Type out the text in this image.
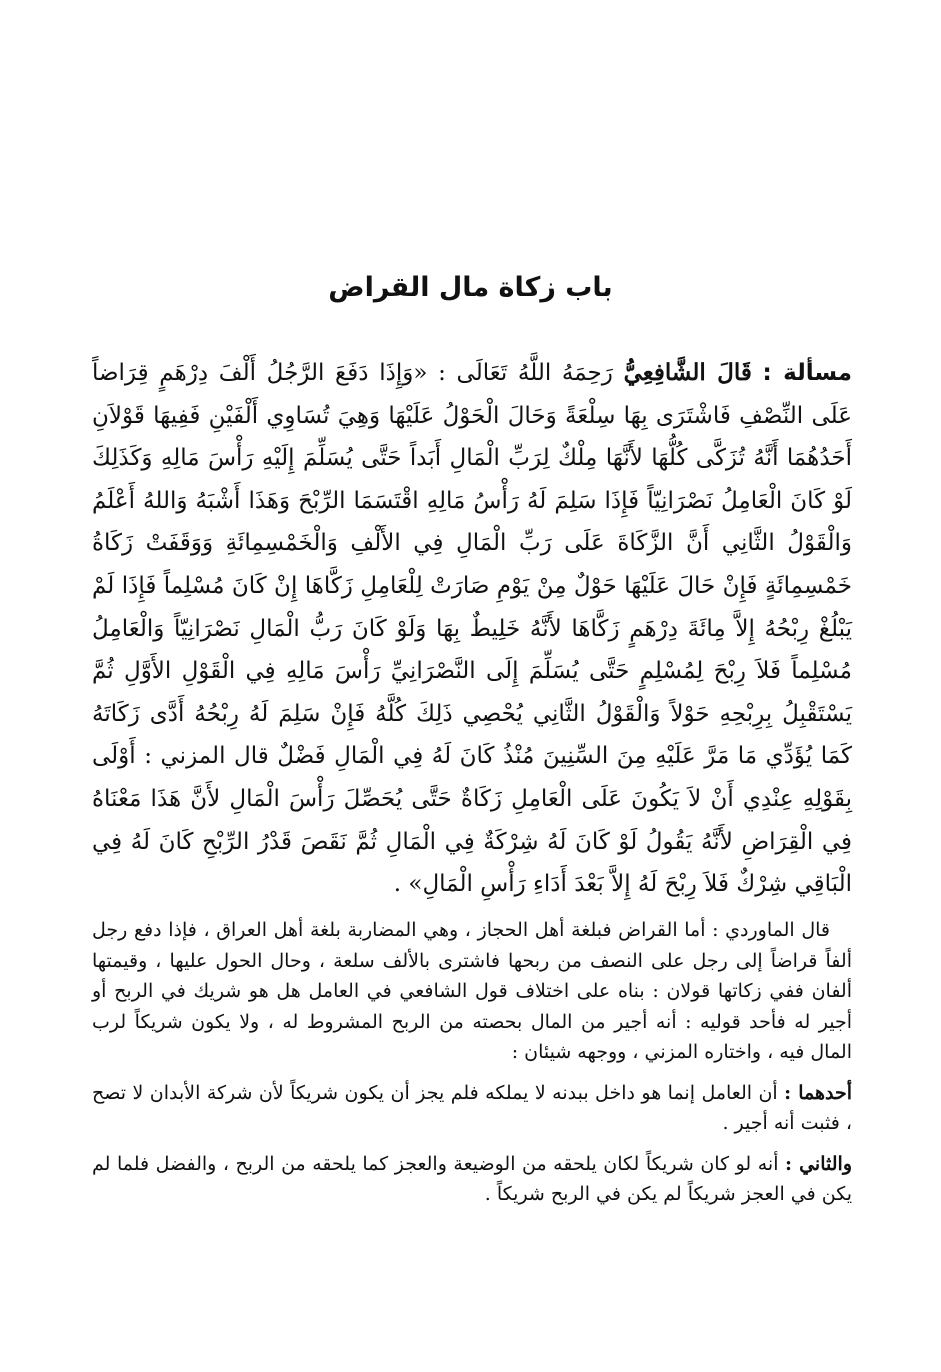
باب زكاة مال القراض
مسألة : قَالَ الشَّافِعِيُّ رَحِمَهُ اللَّهُ تَعَالَى : «وَإِذَا دَفَعَ الرَّجُلُ أَلْفَ دِرْهَمٍ قِرَاضاً عَلَى النِّصْفِ فَاشْتَرَى بِهَا سِلْعَةً وَحَالَ الْحَوْلُ عَلَيْهَا وَهِيَ تُسَاوِي أَلْفَيْنِ فَفِيهَا قَوْلاَنِ أَحَدُهُمَا أَنَّهُ تُزَكَّى كُلُّهَا لأَنَّهَا مِلْكٌ لِرَبِّ الْمَالِ أَبَداً حَتَّى يُسَلِّمَ إِلَيْهِ رَأْسَ مَالِهِ وَكَذَلِكَ لَوْ كَانَ الْعَامِلُ نَصْرَانِيّاً فَإِذَا سَلِمَ لَهُ رَأْسُ مَالِهِ اقْتَسَمَا الرِّبْحَ وَهَذَا أَشْبَهُ وَاللهُ أَعْلَمُ وَالْقَوْلُ الثَّانِي أَنَّ الزَّكَاةَ عَلَى رَبِّ الْمَالِ فِي الأَلْفِ وَالْخَمْسِمِائَةِ وَوَقَفَتْ زَكَاةُ خَمْسِمِائَةٍ فَإِنْ حَالَ عَلَيْهَا حَوْلٌ مِنْ يَوْمِ صَارَتْ لِلْعَامِلِ زَكَّاهَا إِنْ كَانَ مُسْلِماً فَإِذَا لَمْ يَبْلُغْ رِبْحُهُ إِلاَّ مِائَةَ دِرْهَمٍ زَكَّاهَا لأَنَّهُ خَلِيطٌ بِهَا وَلَوْ كَانَ رَبُّ الْمَالِ نَصْرَانِيّاً وَالْعَامِلُ مُسْلِماً فَلاَ رِبْحَ لِمُسْلِمٍ حَتَّى يُسَلِّمَ إِلَى النَّصْرَانِيِّ رَأْسَ مَالِهِ فِي الْقَوْلِ الأَوَّلِ ثُمَّ يَسْتَقْبِلُ بِرِبْحِهِ حَوْلاً وَالْقَوْلُ الثَّانِي يُحْصِي ذَلِكَ كُلَّهُ فَإِنْ سَلِمَ لَهُ رِبْحُهُ أَدَّى زَكَاتَهُ كَمَا يُؤَدِّي مَا مَرَّ عَلَيْهِ مِنَ السِّنِينَ مُنْذُ كَانَ لَهُ فِي الْمَالِ فَضْلٌ قال المزني : أَوْلَى بِقَوْلِهِ عِنْدِي أَنْ لاَ يَكُونَ عَلَى الْعَامِلِ زَكَاةٌ حَتَّى يُحَصِّلَ رَأْسَ الْمَالِ لأَنَّ هَذَا مَعْنَاهُ فِي الْقِرَاضِ لأَنَّهُ يَقُولُ لَوْ كَانَ لَهُ شِرْكَةٌ فِي الْمَالِ ثُمَّ نَقَصَ قَدْرُ الرِّبْحِ كَانَ لَهُ فِي الْبَاقِي شِرْكٌ فَلاَ رِبْحَ لَهُ إِلاَّ بَعْدَ أَدَاءِ رَأْسِ الْمَالِ» .

قال الماوردي : أما القراض فبلغة أهل الحجاز ، وهي المضاربة بلغة أهل العراق ، فإذا دفع رجل ألفاً قراضاً إلى رجل على النصف من ربحها فاشترى بالألف سلعة ، وحال الحول عليها ، وقيمتها ألفان ففي زكاتها قولان : بناه على اختلاف قول الشافعي في العامل هل هو شريك في الربح أو أجير له فأحد قوليه : أنه أجير من المال بحصته من الربح المشروط له ، ولا يكون شريكاً لرب المال فيه ، واختاره المزني ، ووجهه شيئان :

أحدهما : أن العامل إنما هو داخل ببدنه لا يملكه فلم يجز أن يكون شريكاً لأن شركة الأبدان لا تصح ، فثبت أنه أجير .

والثاني : أنه لو كان شريكاً لكان يلحقه من الوضيعة والعجز كما يلحقه من الربح ، والفضل فلما لم يكن في العجز شريكاً لم يكن في الربح شريكاً .
